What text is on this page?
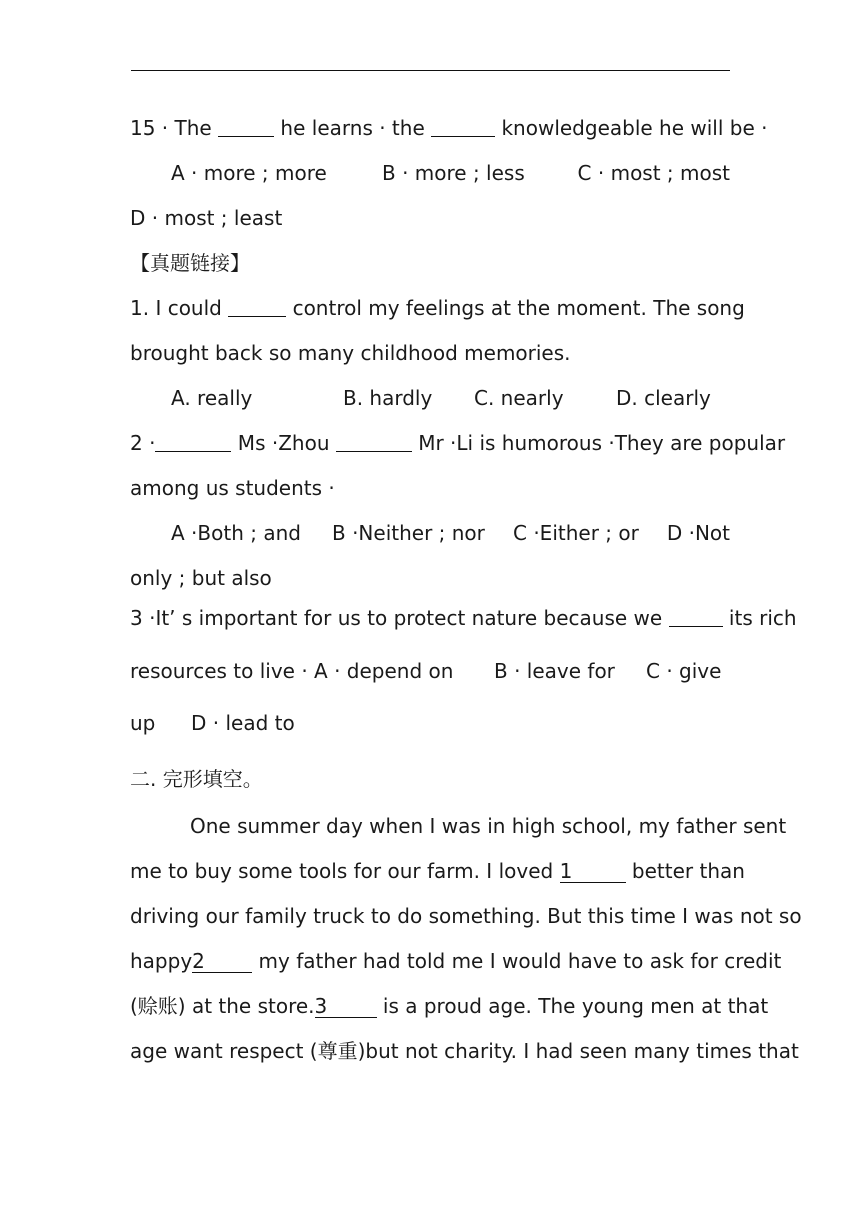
15 · The	he learns · the	knowledgeable he will be ·
A · more ; more	B · more ; less	C · most ; most
D · most ; least
【真题链接】
1. I could	control my feelings at the moment. The song
brought back so many childhood memories.
A. really	B. hardly C. nearly	D. clearly
2 ·	Ms ·Zhou	Mr ·Li is humorous ·They are popular
among us students ·
A ·Both ; and B ·Neither ; nor C ·Either ; or D ·Not
only ; but also
3 ·It’ s important for us to protect nature because we	its rich
resources to live · A · depend on B · leave for C · give
up D · lead to
二. 完形填空。
One summer day when I was in high school, my father sent
me to buy some tools for our farm. I loved 1	better than
driving our family truck to do something. But this time I was not so
happy2 my father had told me I would have to ask for credit
(赊账) at the store.3 is a proud age. The young men at that
age want respect (尊重)but not charity. I had seen many times that
